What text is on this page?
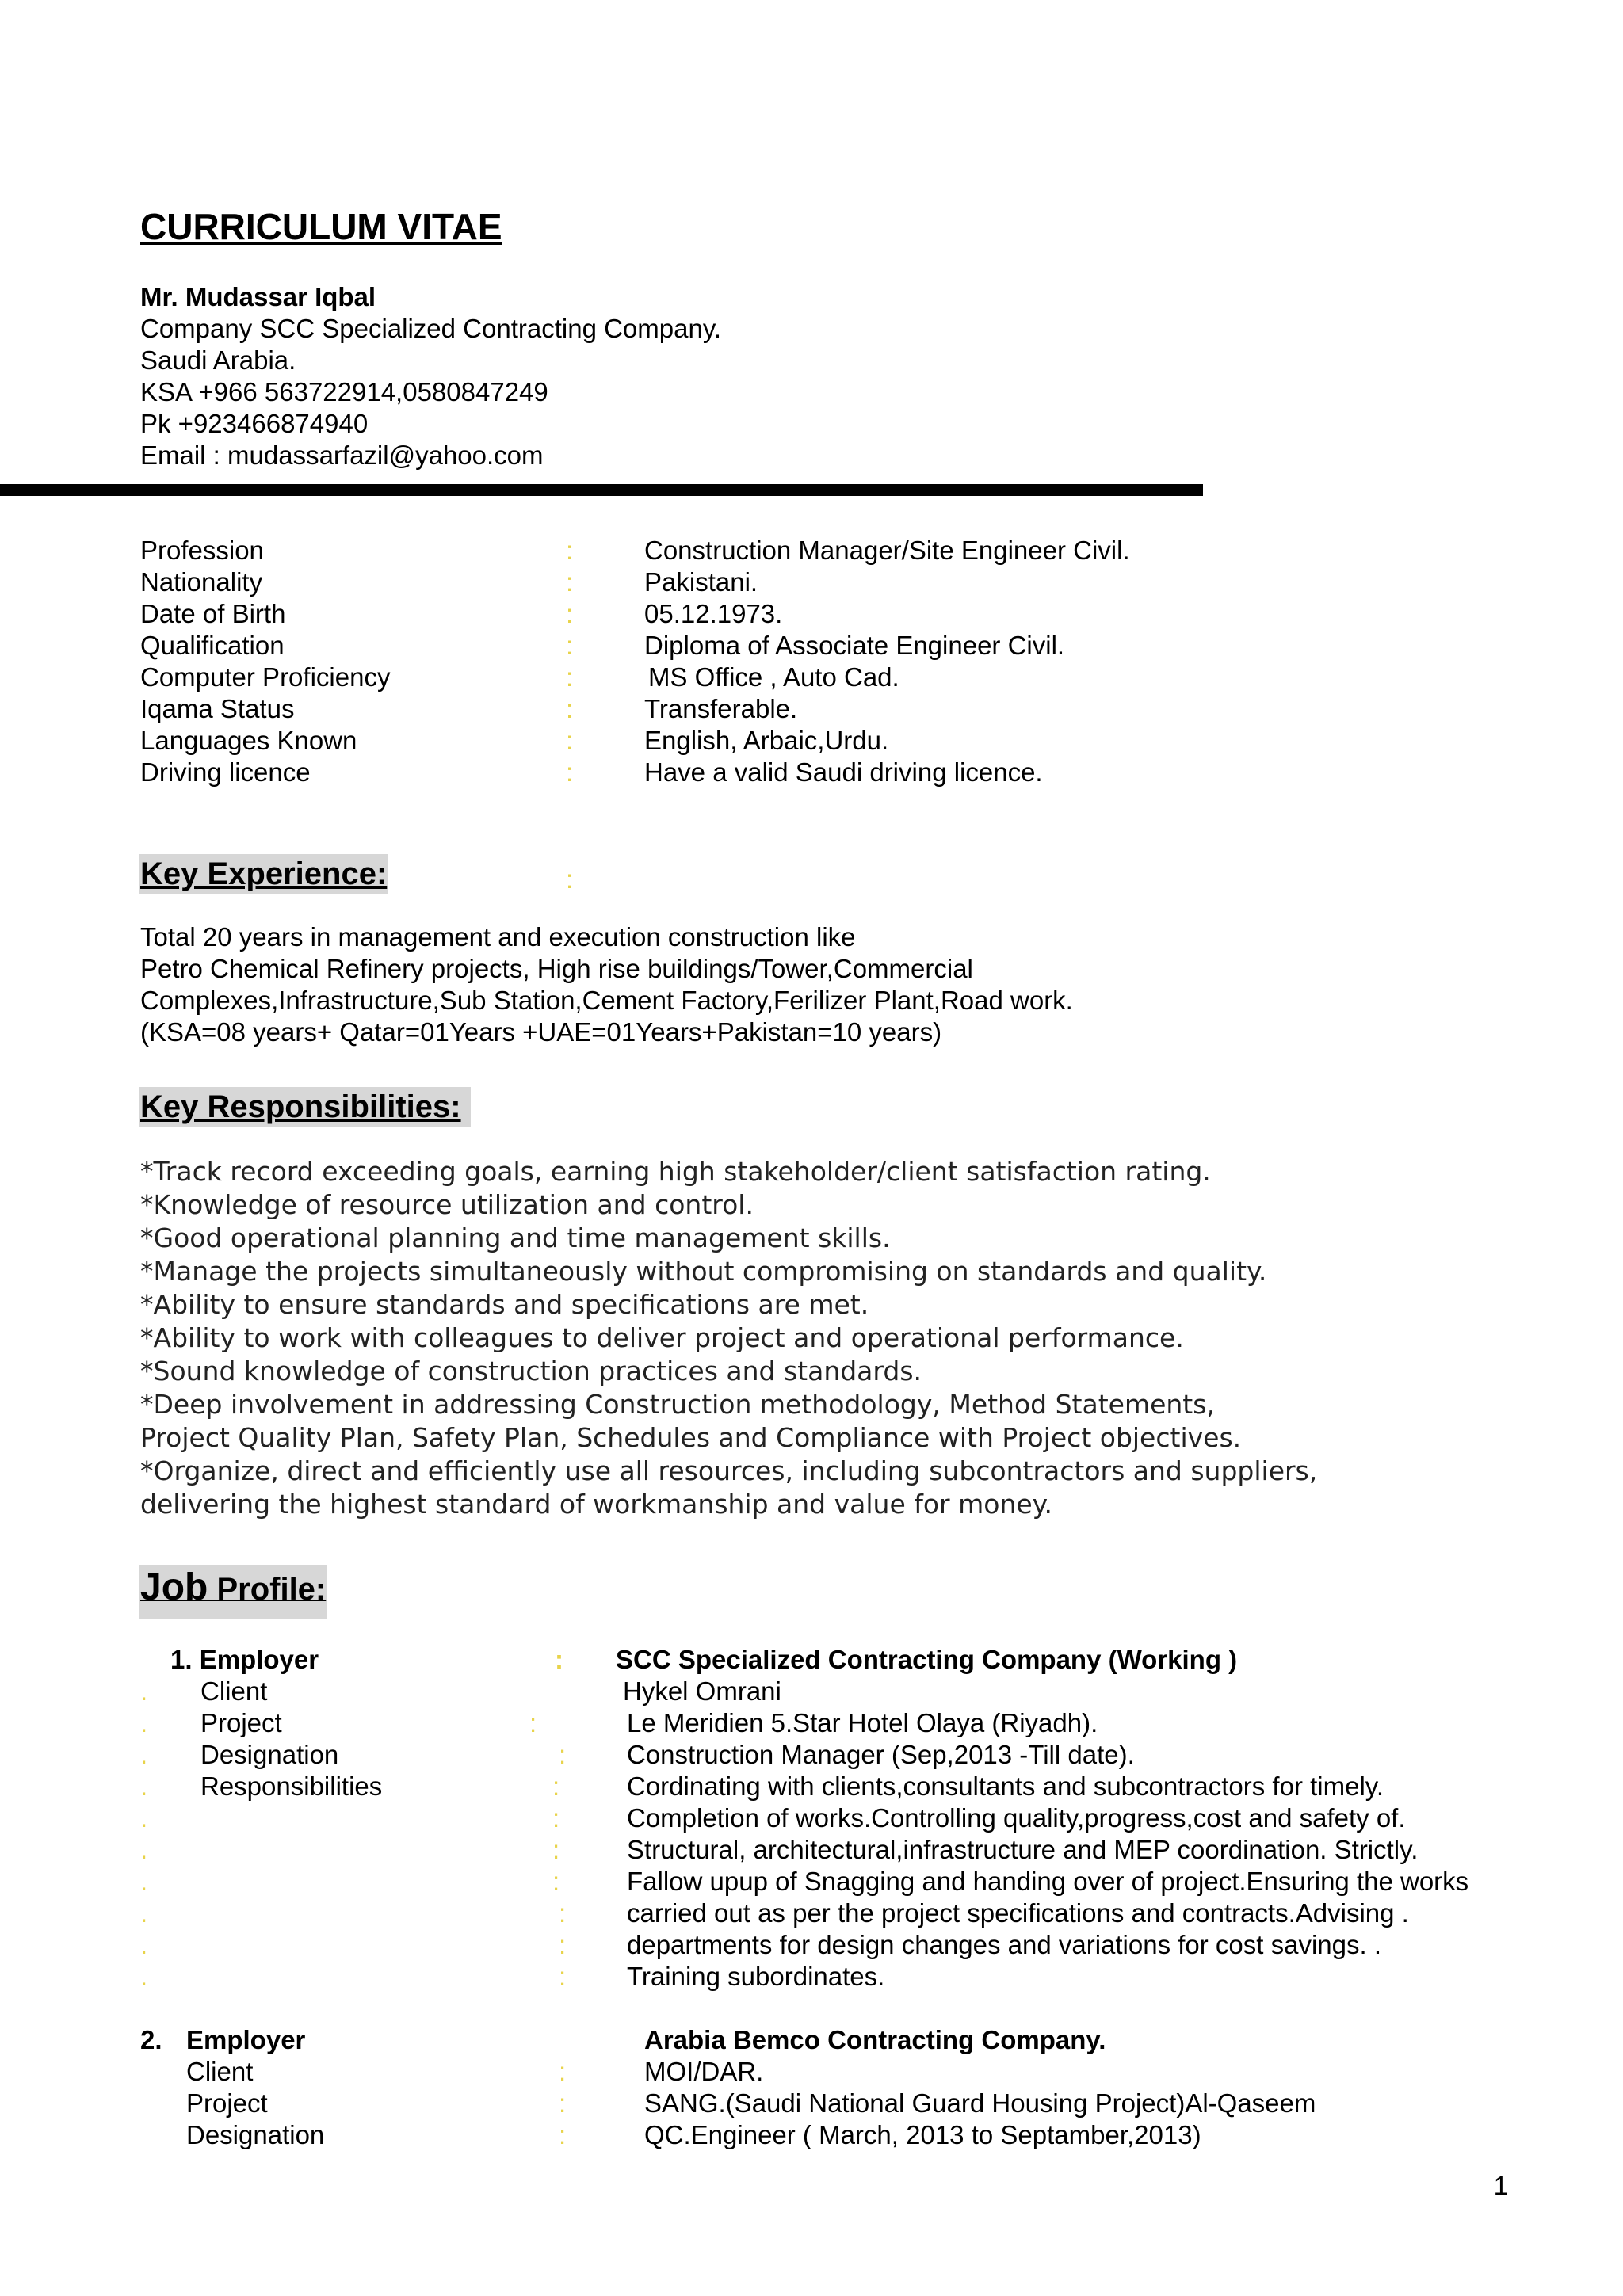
CURRICULUM VITAE
Mr. Mudassar Iqbal
Company SCC Specialized Contracting Company.
Saudi Arabia.
KSA +966 563722914,0580847249
Pk +923466874940
Email : mudassarfazil@yahoo.com
Profession	:	Construction Manager/Site Engineer Civil.
Nationality	:	Pakistani.
Date of Birth	:	05.12.1973.
Qualification	:	Diploma of Associate Engineer Civil.
Computer Proficiency	:	MS Office , Auto Cad.
Iqama Status	:	Transferable.
Languages Known	:	English, Arbaic,Urdu.
Driving licence	:	Have a valid Saudi driving licence.
Key Experience:	:
Total 20 years in management and execution construction like
Petro Chemical Refinery projects, High rise buildings/Tower,Commercial
Complexes,Infrastructure,Sub Station,Cement Factory,Ferilizer Plant,Road work.
(KSA=08 years+ Qatar=01Years +UAE=01Years+Pakistan=10 years)
Key Responsibilities:
*Track record exceeding goals, earning high stakeholder/client satisfaction rating.
*Knowledge of resource utilization and control.
*Good operational planning and time management skills.
*Manage the projects simultaneously without compromising on standards and quality.
*Ability to ensure standards and specifications are met.
*Ability to work with colleagues to deliver project and operational performance.
*Sound knowledge of construction practices and standards.
*Deep involvement in addressing Construction methodology, Method Statements,
Project Quality Plan, Safety Plan, Schedules and Compliance with Project objectives.
*Organize, direct and efficiently use all resources, including subcontractors and suppliers,
delivering the highest standard of workmanship and value for money.
Job Profile:
1. Employer	: SCC Specialized Contracting Company (Working )
. Client	Hykel Omrani
. Project	:	Le Meridien 5.Star Hotel Olaya (Riyadh).
. Designation	: Construction Manager (Sep,2013 -Till date).
. Responsibilities	:	Cordinating with clients,consultants and subcontractors for timely.
.	:	Completion of works.Controlling quality,progress,cost and safety of.
.	:	Structural, architectural,infrastructure and MEP coordination. Strictly.
.	:	Fallow upup of Snagging and handing over of project.Ensuring the works
.	: carried out as per the project specifications and contracts.Advising .
.	: departments for design changes and variations for cost savings. .
.	: Training subordinates.
2. Employer	Arabia Bemco Contracting Company.
Client	:	MOI/DAR.
Project	:	SANG.(Saudi National Guard Housing Project)Al-Qaseem
Designation	:	QC.Engineer ( March, 2013 to Septamber,2013)
1
